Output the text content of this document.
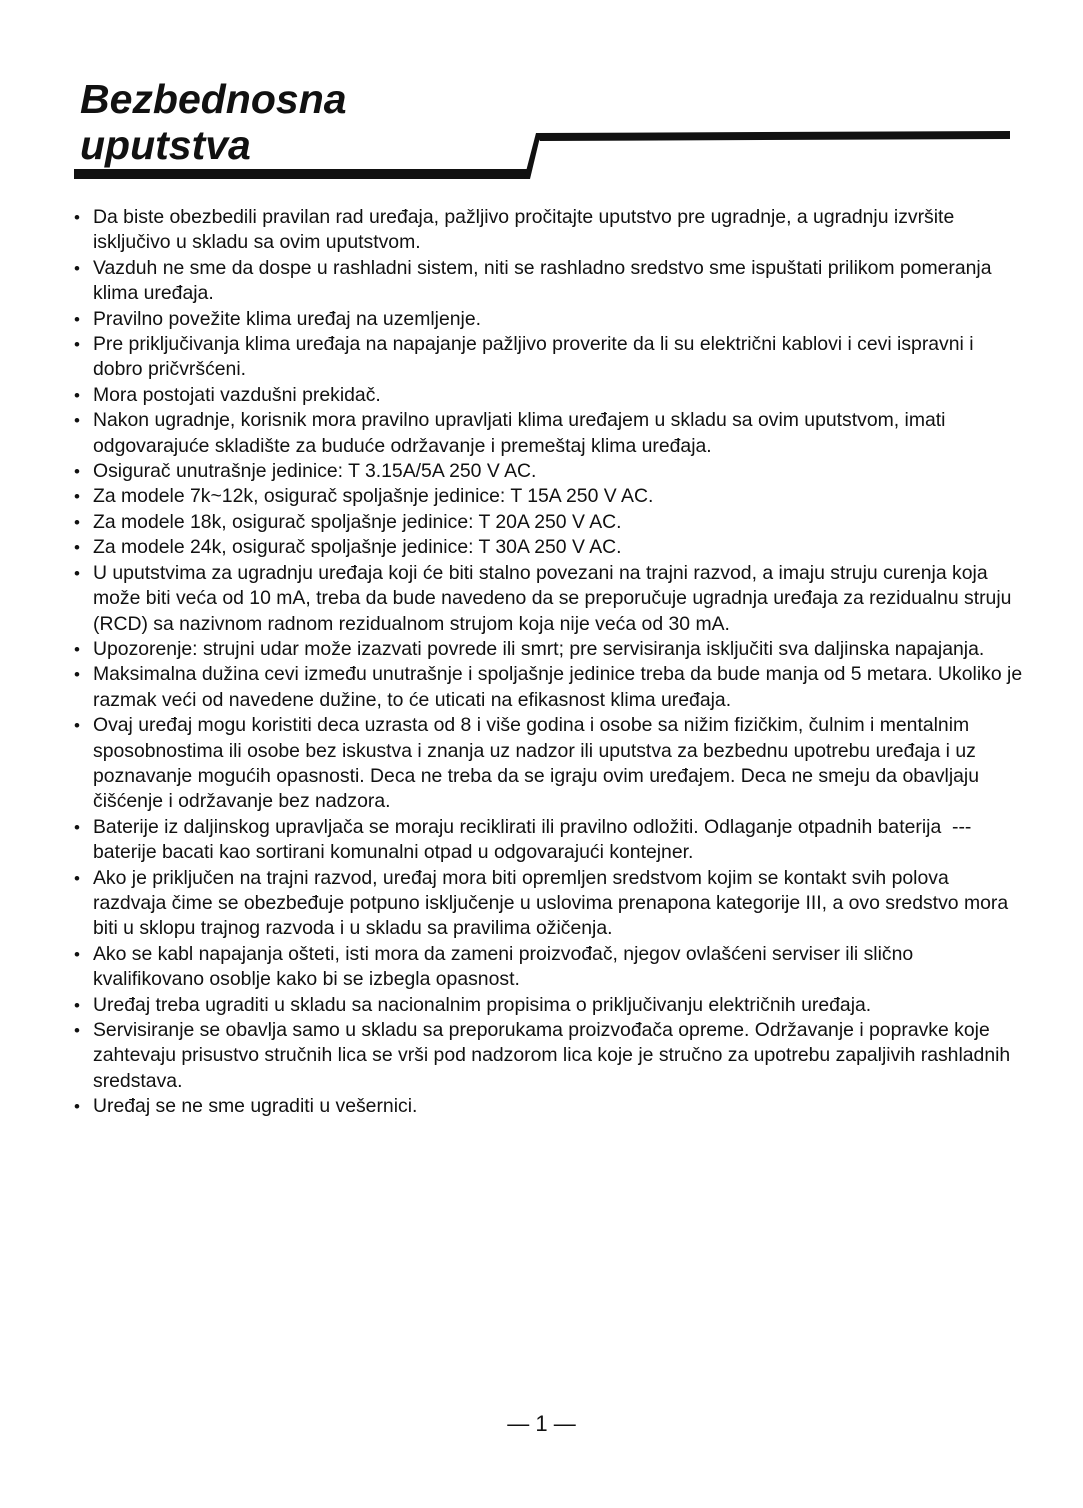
Bezbednosna
uputstva
• Da biste obezbedili pravilan rad uređaja, pažljivo pročitajte uputstvo pre ugradnje, a ugradnju izvršite isključivo u skladu sa ovim uputstvom.
• Vazduh ne sme da dospe u rashladni sistem, niti se rashladno sredstvo sme ispuštati prilikom pomeranja klima uređaja.
• Pravilno povežite klima uređaj na uzemljenje.
• Pre priključivanja klima uređaja na napajanje pažljivo proverite da li su električni kablovi i cevi ispravni i dobro pričvršćeni.
• Mora postojati vazdušni prekidač.
• Nakon ugradnje, korisnik mora pravilno upravljati klima uređajem u skladu sa ovim uputstvom, imati odgovarajuće skladište za buduće održavanje i premeštaj klima uređaja.
• Osigurač unutrašnje jedinice: T 3.15A/5A 250 V AC.
• Za modele 7k~12k, osigurač spoljašnje jedinice: T 15A 250 V AC.
• Za modele 18k, osigurač spoljašnje jedinice: T 20A 250 V AC.
• Za modele 24k, osigurač spoljašnje jedinice: T 30A 250 V AC.
• U uputstvima za ugradnju uređaja koji će biti stalno povezani na trajni razvod, a imaju struju curenja koja može biti veća od 10 mA, treba da bude navedeno da se preporučuje ugradnja uređaja za rezidualnu struju (RCD) sa nazivnom radnom rezidualnom strujom koja nije veća od 30 mA.
• Upozorenje: strujni udar može izazvati povrede ili smrt; pre servisiranja isključiti sva daljinska napajanja.
• Maksimalna dužina cevi između unutrašnje i spoljašnje jedinice treba da bude manja od 5 metara. Ukoliko je razmak veći od navedene dužine, to će uticati na efikasnost klima uređaja.
• Ovaj uređaj mogu koristiti deca uzrasta od 8 i više godina i osobe sa nižim fizičkim, čulnim i mentalnim sposobnostima ili osobe bez iskustva i znanja uz nadzor ili uputstva za bezbednu upotrebu uređaja i uz poznavanje mogućih opasnosti. Deca ne treba da se igraju ovim uređajem. Deca ne smeju da obavljaju čišćenje i održavanje bez nadzora.
• Baterije iz daljinskog upravljača se moraju reciklirati ili pravilno odložiti. Odlaganje otpadnih baterija  --- baterije bacati kao sortirani komunalni otpad u odgovarajući kontejner.
• Ako je priključen na trajni razvod, uređaj mora biti opremljen sredstvom kojim se kontakt svih polova razdvaja čime se obezbeđuje potpuno isključenje u uslovima prenapona kategorije III, a ovo sredstvo mora biti u sklopu trajnog razvoda i u skladu sa pravilima ožičenja.
• Ako se kabl napajanja ošteti, isti mora da zameni proizvođač, njegov ovlašćeni serviser ili slično kvalifikovano osoblje kako bi se izbegla opasnost.
• Uređaj treba ugraditi u skladu sa nacionalnim propisima o priključivanju električnih uređaja.
• Servisiranje se obavlja samo u skladu sa preporukama proizvođača opreme. Održavanje i popravke koje zahtevaju prisustvo stručnih lica se vrši pod nadzorom lica koje je stručno za upotrebu zapaljivih rashladnih sredstava.
• Uređaj se ne sme ugraditi u vešernici.
— 1 —
